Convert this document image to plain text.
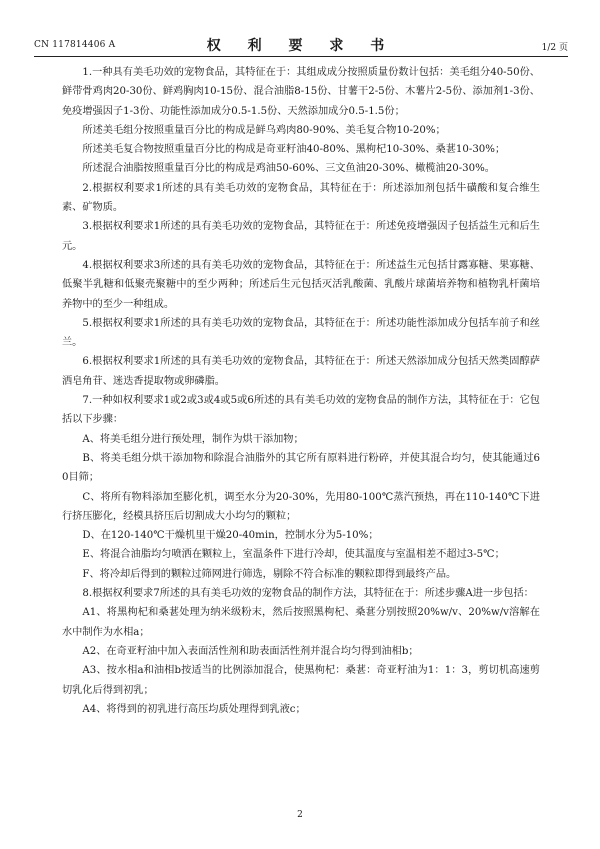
CN 117814406 A	权 利 要 求 书	1/2 页

1.一种具有美毛功效的宠物食品，其特征在于：其组成成分按照质量份数计包括：美毛组分40-50份、鲜带骨鸡肉20-30份、鲜鸡胸肉10-15份、混合油脂8-15份、甘薯干2-5份、木薯片2-5份、添加剂1-3份、免疫增强因子1-3份、功能性添加成分0.5-1.5份、天然添加成分0.5-1.5份；

所述美毛组分按照重量百分比的构成是鲜乌鸡肉80-90%、美毛复合物10-20%；

所述美毛复合物按照重量百分比的构成是奇亚籽油40-80%、黑枸杞10-30%、桑葚10-30%；

所述混合油脂按照重量百分比的构成是鸡油50-60%、三文鱼油20-30%、橄榄油20-30%。

2.根据权利要求1所述的具有美毛功效的宠物食品，其特征在于：所述添加剂包括牛磺酸和复合维生素、矿物质。

3.根据权利要求1所述的具有美毛功效的宠物食品，其特征在于：所述免疫增强因子包括益生元和后生元。

4.根据权利要求3所述的具有美毛功效的宠物食品，其特征在于：所述益生元包括甘露寡糖、果寡糖、低聚半乳糖和低聚壳聚糖中的至少两种；所述后生元包括灭活乳酸菌、乳酸片球菌培养物和植物乳杆菌培养物中的至少一种组成。

5.根据权利要求1所述的具有美毛功效的宠物食品，其特征在于：所述功能性添加成分包括车前子和丝兰。

6.根据权利要求1所述的具有美毛功效的宠物食品，其特征在于：所述天然添加成分包括天然类固醇萨洒皂角苷、迷迭香提取物或卵磷脂。

7.一种如权利要求1或2或3或4或5或6所述的具有美毛功效的宠物食品的制作方法，其特征在于：它包括以下步骤：

A、将美毛组分进行预处理，制作为烘干添加物；

B、将美毛组分烘干添加物和除混合油脂外的其它所有原料进行粉碎，并使其混合均匀，使其能通过60目筛；

C、将所有物料添加至膨化机，调至水分为20-30%，先用80-100℃蒸汽预热，再在110-140℃下进行挤压膨化，经模具挤压后切割成大小均匀的颗粒；

D、在120-140℃干燥机里干燥20-40min，控制水分为5-10%；

E、将混合油脂均匀喷洒在颗粒上，室温条件下进行冷却，使其温度与室温相差不超过3-5℃；

F、将冷却后得到的颗粒过筛网进行筛选，剔除不符合标准的颗粒即得到最终产品。

8.根据权利要求7所述的具有美毛功效的宠物食品的制作方法，其特征在于：所述步骤A进一步包括：

A1、将黑枸杞和桑葚处理为纳米级粉末，然后按照黑枸杞、桑葚分别按照20%w/v、20%w/v溶解在水中制作为水相a；

A2、在奇亚籽油中加入表面活性剂和助表面活性剂并混合均匀得到油相b；

A3、按水相a和油相b按适当的比例添加混合，使黑枸杞：桑葚：奇亚籽油为1：1：3，剪切机高速剪切乳化后得到初乳；

A4、将得到的初乳进行高压均质处理得到乳液c；

2
